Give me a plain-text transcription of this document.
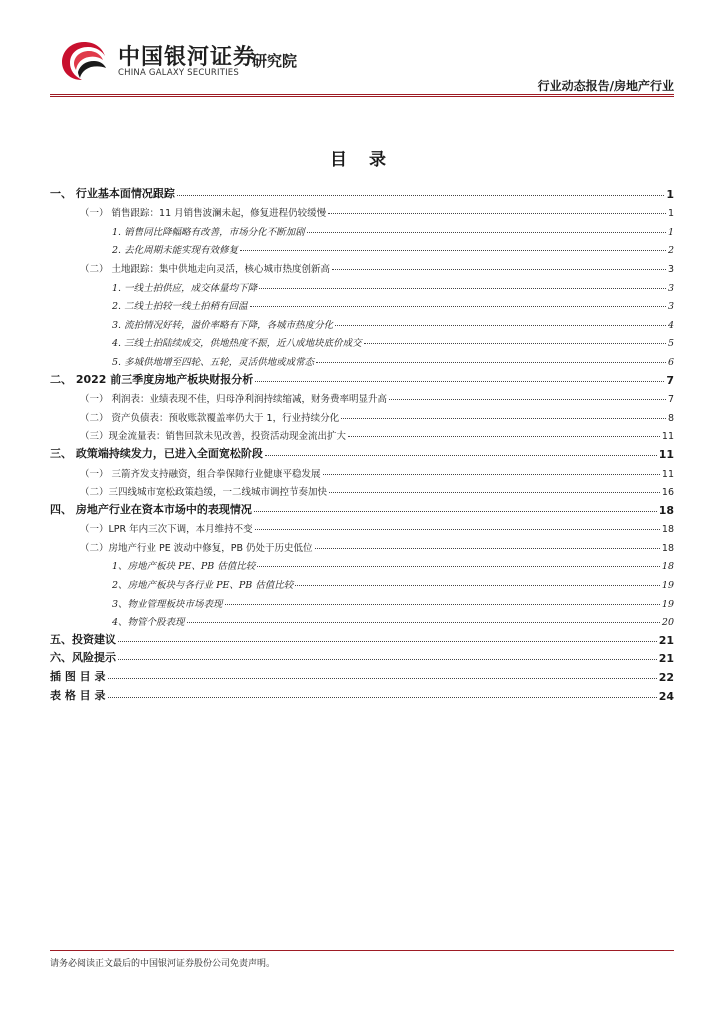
中国银河证券
CHINA GALAXY SECURITIES
研究院
行业动态报告/房地产行业
目 录
一、 行业基本面情况跟踪	1
（一） 销售跟踪：11 月销售波澜未起，修复进程仍较缓慢	1
1. 销售同比降幅略有改善，市场分化不断加剧	1
2. 去化周期未能实现有效修复	2
（二） 土地跟踪：集中供地走向灵活，核心城市热度创新高	3
1. 一线土拍供应，成交体量均下降	3
2. 二线土拍较一线土拍稍有回温	3
3. 流拍情况好转，溢价率略有下降，各城市热度分化	4
4. 三线土拍陆续成交，供地热度不振，近八成地块底价成交	5
5. 多城供地增至四轮、五轮，灵活供地或成常态	6
二、 2022 前三季度房地产板块财报分析	7
（一） 利润表：业绩表现不佳，归母净利润持续缩减，财务费率明显升高	7
（二） 资产负债表：预收账款覆盖率仍大于 1，行业持续分化	8
（三）现金流量表：销售回款未见改善，投资活动现金流出扩大	11
三、 政策端持续发力，已进入全面宽松阶段	11
（一） 三箭齐发支持融资，组合拳保障行业健康平稳发展	11
（二）三四线城市宽松政策趋缓，一二线城市调控节奏加快	16
四、 房地产行业在资本市场中的表现情况	18
（一）LPR 年内三次下调，本月维持不变	18
（二）房地产行业 PE 波动中修复，PB 仍处于历史低位	18
1、房地产板块 PE、PB 估值比较	18
2、房地产板块与各行业 PE、PB 估值比较	19
3、物业管理板块市场表现	19
4、物管个股表现	20
五、投资建议	21
六、风险提示	21
插 图 目 录	22
表 格 目 录	24
请务必阅读正文最后的中国银河证券股份公司免责声明。
